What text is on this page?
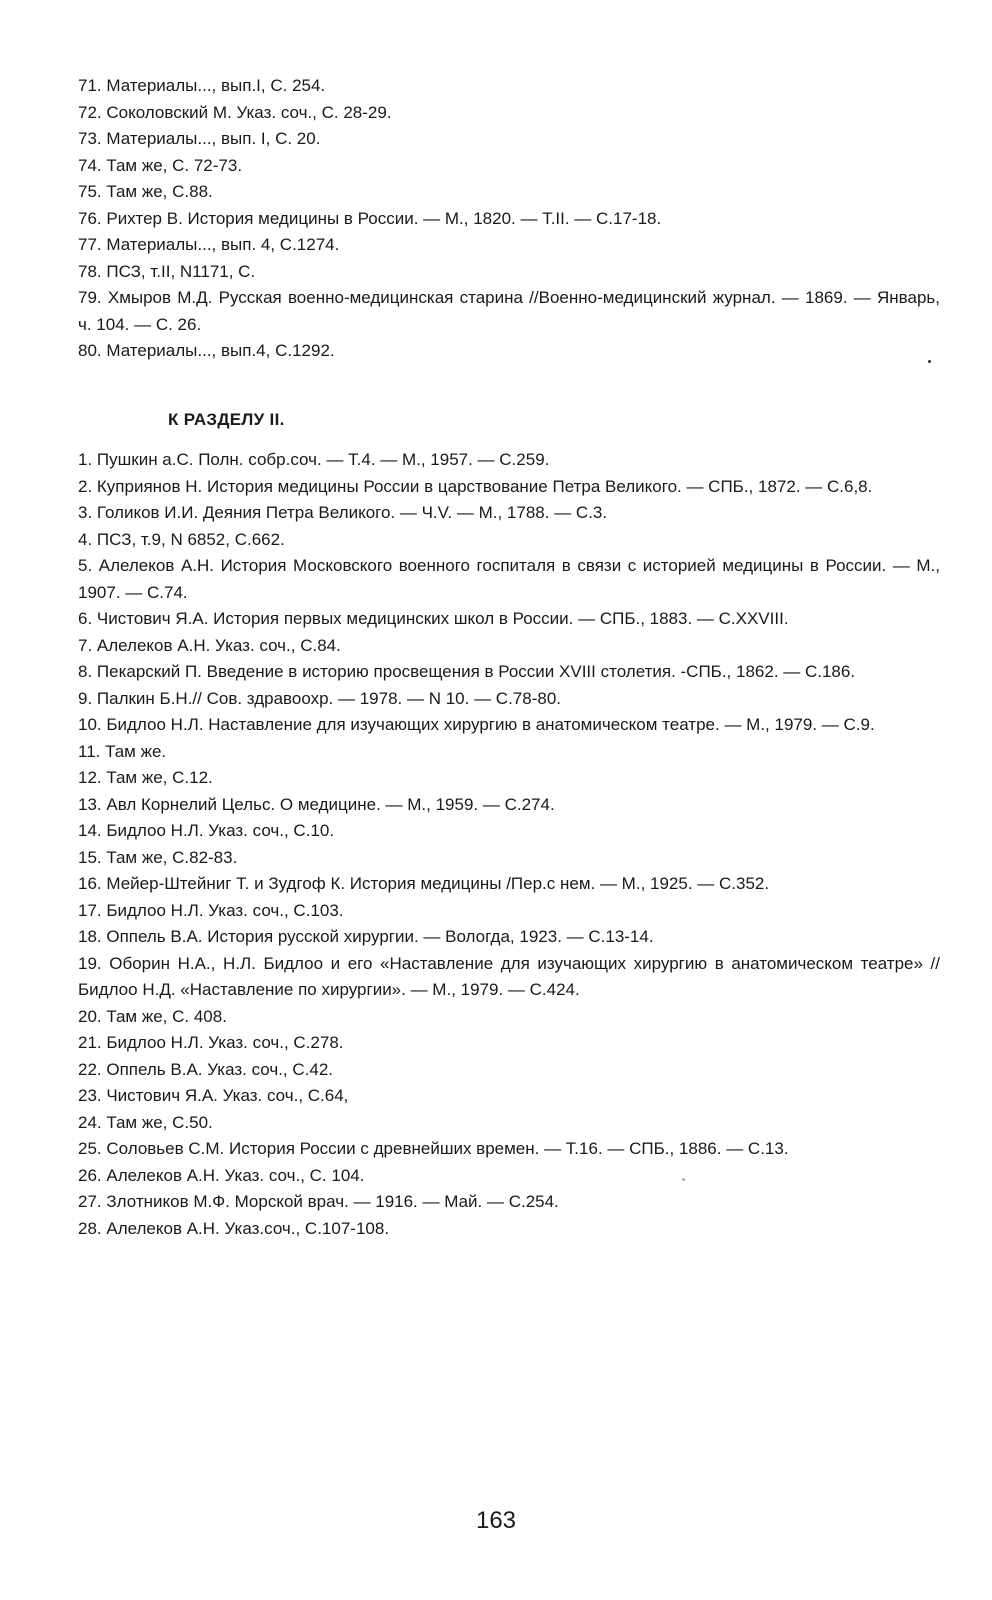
71. Материалы..., вып.I, С. 254.

72. Соколовский М. Указ. соч., С. 28-29.

73. Материалы..., вып. I, С. 20.

74. Там же, С. 72-73.

75. Там же, С.88.

76. Рихтер В. История медицины в России. — М., 1820. — Т.II. — С.17-18.

77. Материалы..., вып. 4, С.1274.

78. ПСЗ, т.II, N1171, С.

79. Хмыров М.Д. Русская военно-медицинская старина //Военно-медицинский журнал. — 1869. — Январь, ч. 104. — С. 26.

80. Материалы..., вып.4, С.1292.

К РАЗДЕЛУ II.

1. Пушкин а.С. Полн. собр.соч. — Т.4. — М., 1957. — С.259.

2. Куприянов Н. История медицины России в царствование Петра Великого. — СПБ., 1872. — С.6,8.

3. Голиков И.И. Деяния Петра Великого. — Ч.V. — М., 1788. — С.3.

4. ПСЗ, т.9, N 6852, С.662.

5. Алелеков А.Н. История Московского военного госпиталя в связи с историей медицины в России. — М., 1907. — С.74.

6. Чистович Я.А. История первых медицинских школ в России. — СПБ., 1883. — С.XXVIII.

7. Алелеков А.Н. Указ. соч., С.84.

8. Пекарский П. Введение в историю просвещения в России XVIII столетия. -СПБ., 1862. — С.186.

9. Палкин Б.Н.// Сов. здравоохр. — 1978. — N 10. — С.78-80.

10. Бидлоо Н.Л. Наставление для изучающих хирургию в анатомическом театре. — М., 1979. — С.9.

11. Там же.

12. Там же, С.12.

13. Авл Корнелий Цельс. О медицине. — М., 1959. — С.274.

14. Бидлоо Н.Л. Указ. соч., С.10.

15. Там же, С.82-83.

16. Мейер-Штейниг Т. и Зудгоф К. История медицины /Пер.с нем. — М., 1925. — С.352.

17. Бидлоо Н.Л. Указ. соч., С.103.

18. Оппель В.А. История русской хирургии. — Вологда, 1923. — С.13-14.

19. Оборин Н.А., Н.Л. Бидлоо и его «Наставление для изучающих хирургию в анатомическом театре» // Бидлоо Н.Д. «Наставление по хирургии». — М., 1979. — С.424.

20. Там же, С. 408.

21. Бидлоо Н.Л. Указ. соч., С.278.

22. Оппель В.А. Указ. соч., С.42.

23. Чистович Я.А. Указ. соч., С.64,

24. Там же, С.50.

25. Соловьев С.М. История России с древнейших времен. — Т.16. — СПБ., 1886. — С.13.

26. Алелеков А.Н. Указ. соч., С. 104.

27. Злотников М.Ф. Морской врач. — 1916. — Май. — С.254.

28. Алелеков А.Н. Указ.соч., С.107-108.

163
